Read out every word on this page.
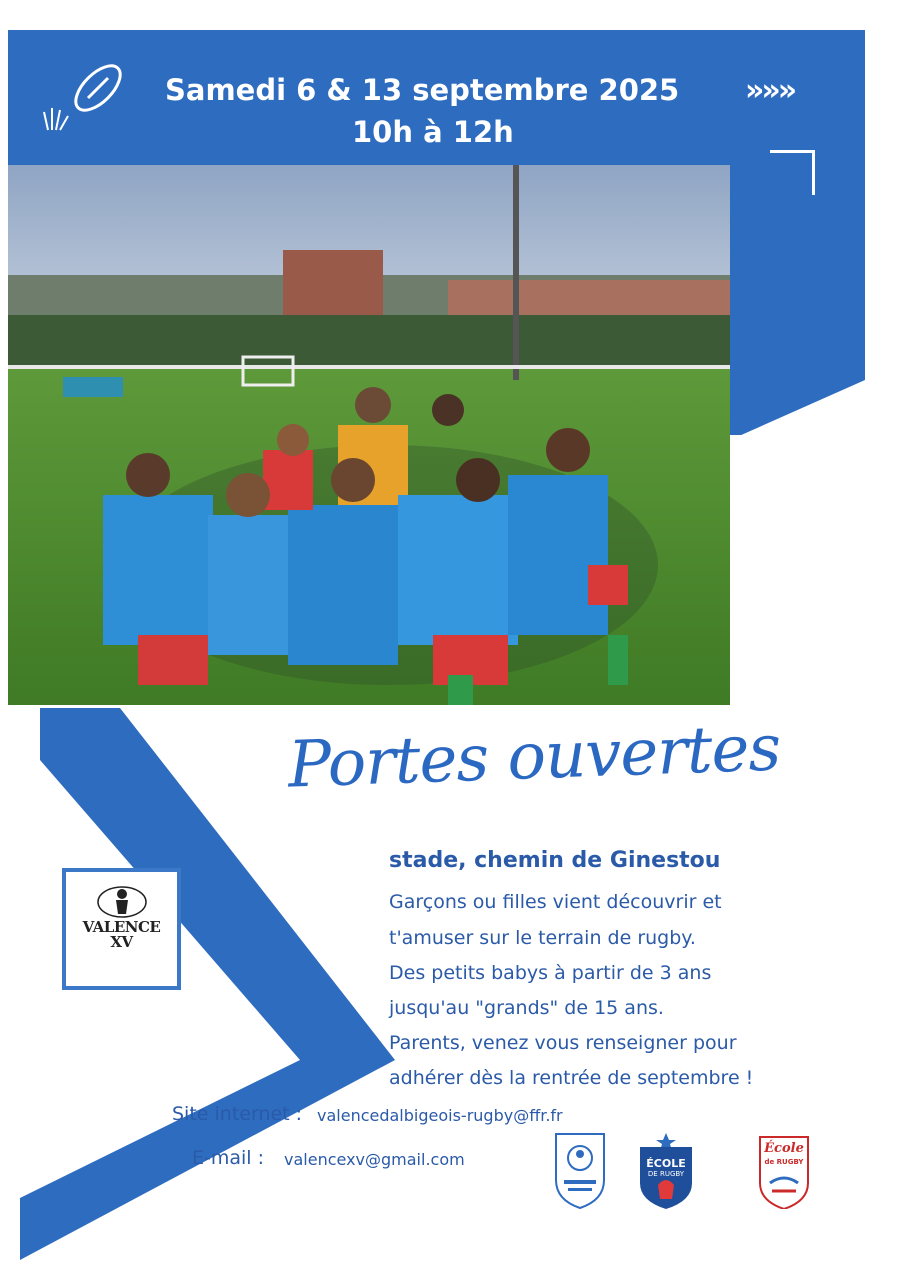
Samedi 6 & 13 septembre 2025
10h à 12h
»»»
VALENCE
XV
Portes ouvertes
stade, chemin de Ginestou
Garçons ou filles vient découvrir et
t'amuser sur le terrain de rugby.
Des petits babys à partir de 3 ans
jusqu'au "grands" de 15 ans.
Parents, venez vous renseigner pour
adhérer dès la rentrée de septembre !
Site internet : valencedalbigeois-rugby@ffr.fr
E-mail : valencexv@gmail.com	ÉCOLE
DE RUGBY
École
de RUGBY
